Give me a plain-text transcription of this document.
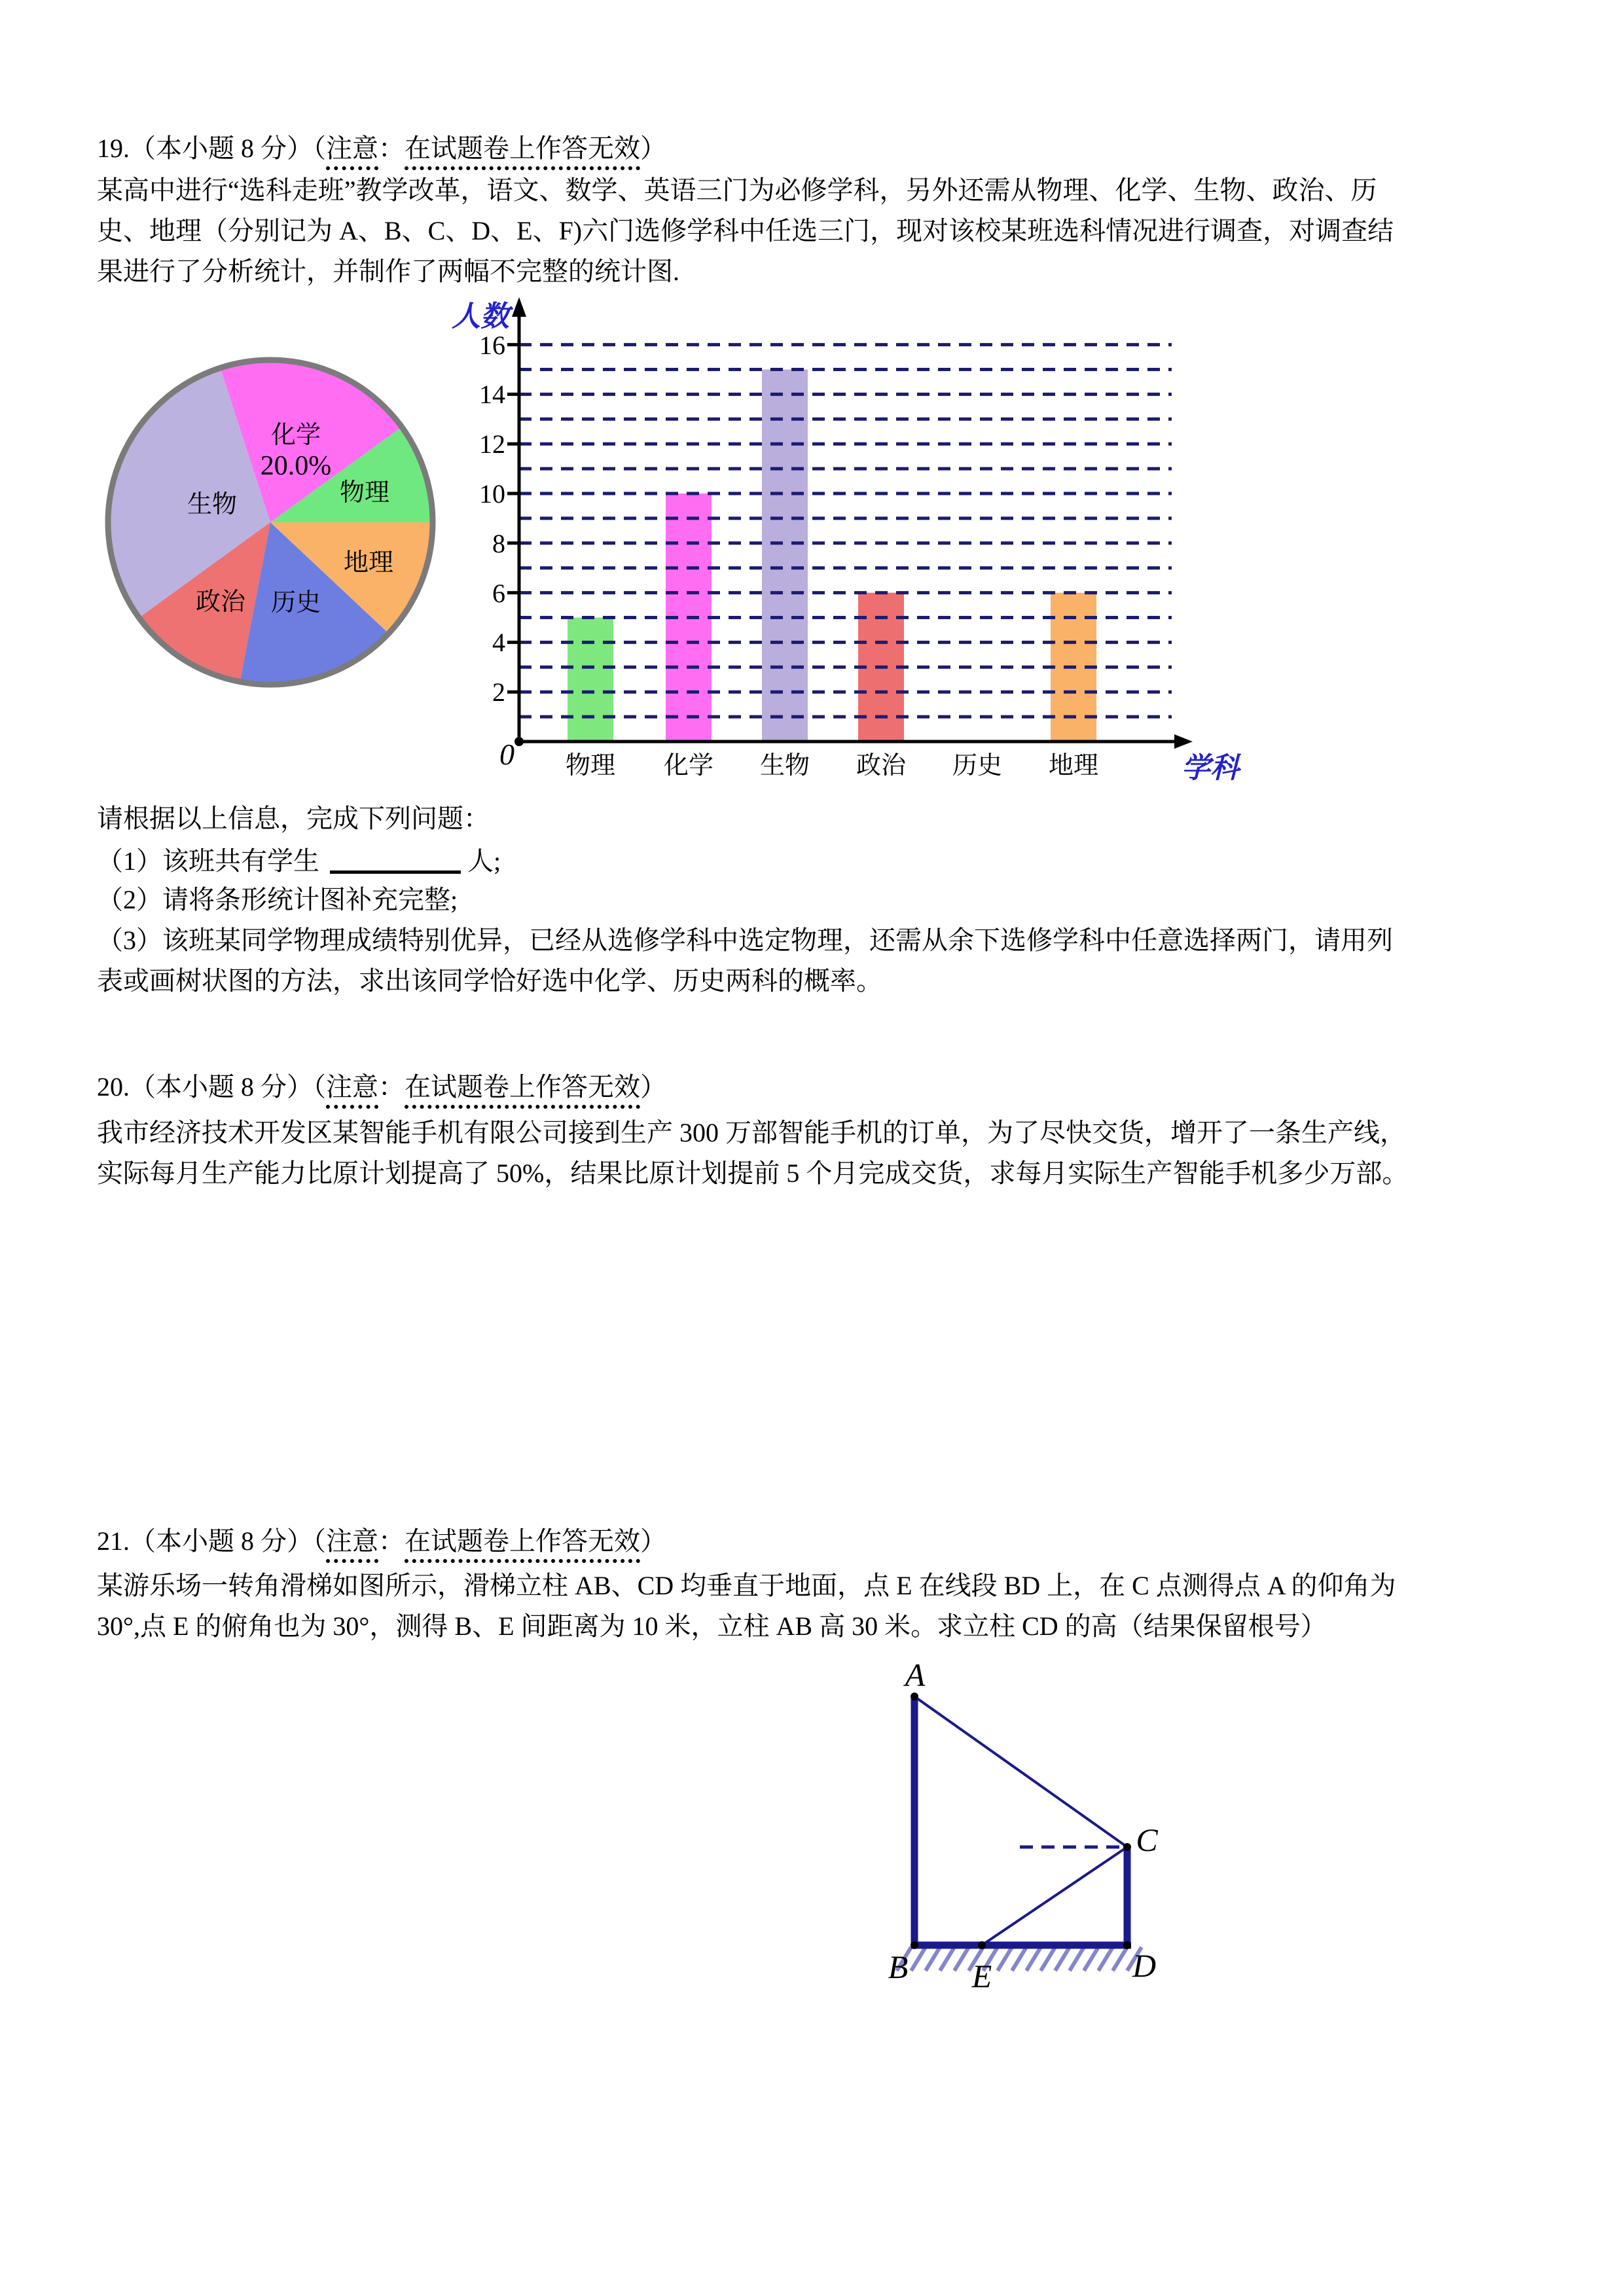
19.（本小题 8 分）（注意：在试题卷上作答无效）
某高中进行“选科走班”教学改革，语文、数学、英语三门为必修学科，另外还需从物理、化学、生物、政治、历
史、地理（分别记为 A、B、C、D、E、F)六门选修学科中任选三门，现对该校某班选科情况进行调查，对调查结
果进行了分析统计，并制作了两幅不完整的统计图.
物理
化学
20.0%
生物
政治 历史
地理
人数
学科
2
4
6
8
10
12
14
16
0 物理 化学 生物 政治 历史 地理
请根据以上信息，完成下列问题：
（1）该班共有学生	人;
（2）请将条形统计图补充完整;
（3）该班某同学物理成绩特别优异，已经从选修学科中选定物理，还需从余下选修学科中任意选择两门，请用列
表或画树状图的方法，求出该同学恰好选中化学、历史两科的概率。
20.（本小题 8 分）（注意：在试题卷上作答无效）
我市经济技术开发区某智能手机有限公司接到生产 300 万部智能手机的订单，为了尽快交货，增开了一条生产线，
实际每月生产能力比原计划提高了 50%，结果比原计划提前 5 个月完成交货，求每月实际生产智能手机多少万部。
21.（本小题 8 分）（注意：在试题卷上作答无效）
某游乐场一转角滑梯如图所示，滑梯立柱 AB、CD 均垂直于地面，点 E 在线段 BD 上，在 C 点测得点 A 的仰角为
30°,点 E 的俯角也为 30°，测得 B、E 间距离为 10 米，立柱 AB 高 30 米。求立柱 CD 的高（结果保留根号）
A
B E	D
C
